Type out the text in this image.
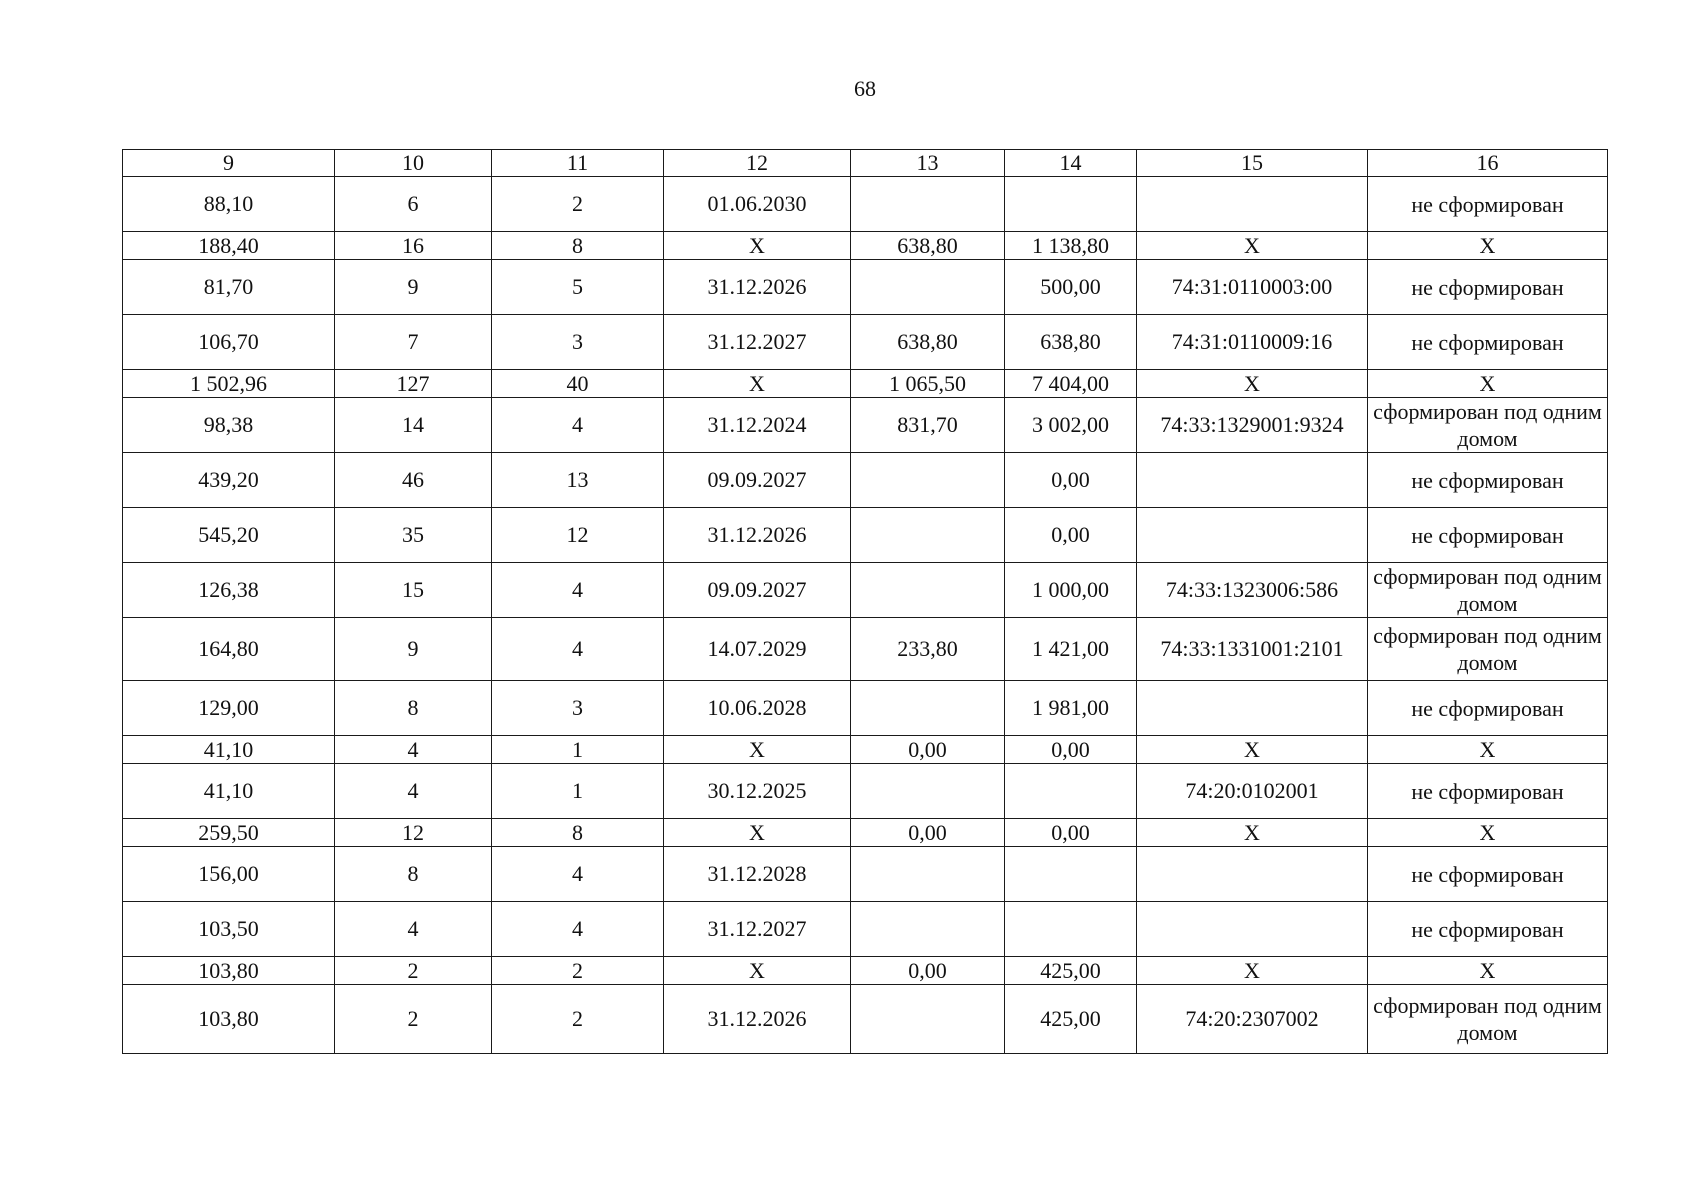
68
9	10	11	12	13	14	15	16
88,10	6	2	01.06.2030				не сформирован
188,40	16	8	X	638,80	1 138,80	X	X
81,70	9	5	31.12.2026		500,00	74:31:0110003:00	не сформирован
106,70	7	3	31.12.2027	638,80	638,80	74:31:0110009:16	не сформирован
1 502,96	127	40	X	1 065,50	7 404,00	X	X
98,38	14	4	31.12.2024	831,70	3 002,00	74:33:1329001:9324	сформирован под одним домом
439,20	46	13	09.09.2027		0,00		не сформирован
545,20	35	12	31.12.2026		0,00		не сформирован
126,38	15	4	09.09.2027		1 000,00	74:33:1323006:586	сформирован под одним домом
164,80	9	4	14.07.2029	233,80	1 421,00	74:33:1331001:2101	сформирован под одним домом
129,00	8	3	10.06.2028		1 981,00		не сформирован
41,10	4	1	X	0,00	0,00	X	X
41,10	4	1	30.12.2025			74:20:0102001	не сформирован
259,50	12	8	X	0,00	0,00	X	X
156,00	8	4	31.12.2028				не сформирован
103,50	4	4	31.12.2027				не сформирован
103,80	2	2	X	0,00	425,00	X	X
103,80	2	2	31.12.2026		425,00	74:20:2307002	сформирован под одним домом
